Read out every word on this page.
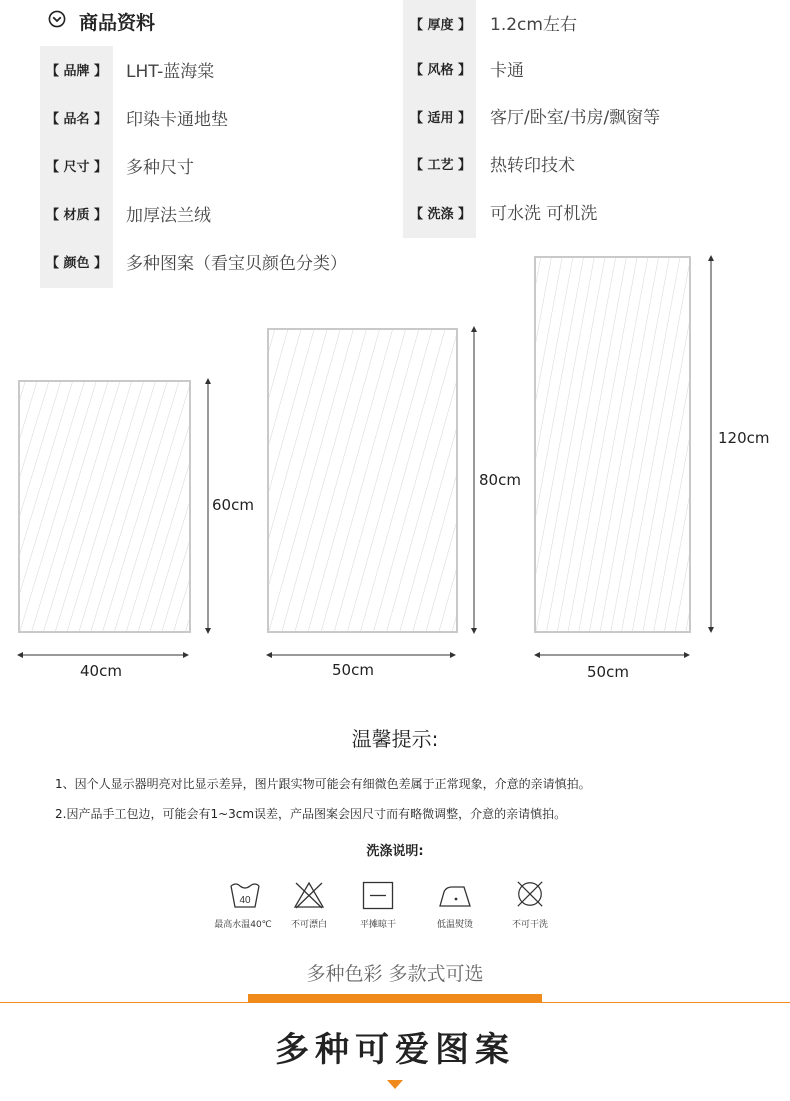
商品资料
【 品牌 】 LHT-蓝海棠
【 品名 】 印染卡通地垫
【 尺寸 】 多种尺寸
【 材质 】 加厚法兰绒
【 颜色 】 多种图案（看宝贝颜色分类）
【 厚度 】 1.2cm左右
【 风格 】 卡通
【 适用 】 客厅/卧室/书房/飘窗等
【 工艺 】 热转印技术
【 洗涤 】 可水洗 可机洗
60cm
40cm
80cm
50cm
120cm
50cm
温馨提示:
1、因个人显示器明亮对比显示差异，图片跟实物可能会有细微色差属于正常现象，介意的亲请慎拍。
2.因产品手工包边，可能会有1~3cm误差，产品图案会因尺寸而有略微调整，介意的亲请慎拍。
洗涤说明:
40
最高水温40℃	不可漂白	平摊晾干	低温熨烫	不可干洗
多种色彩 多款式可选
多种可爱图案
